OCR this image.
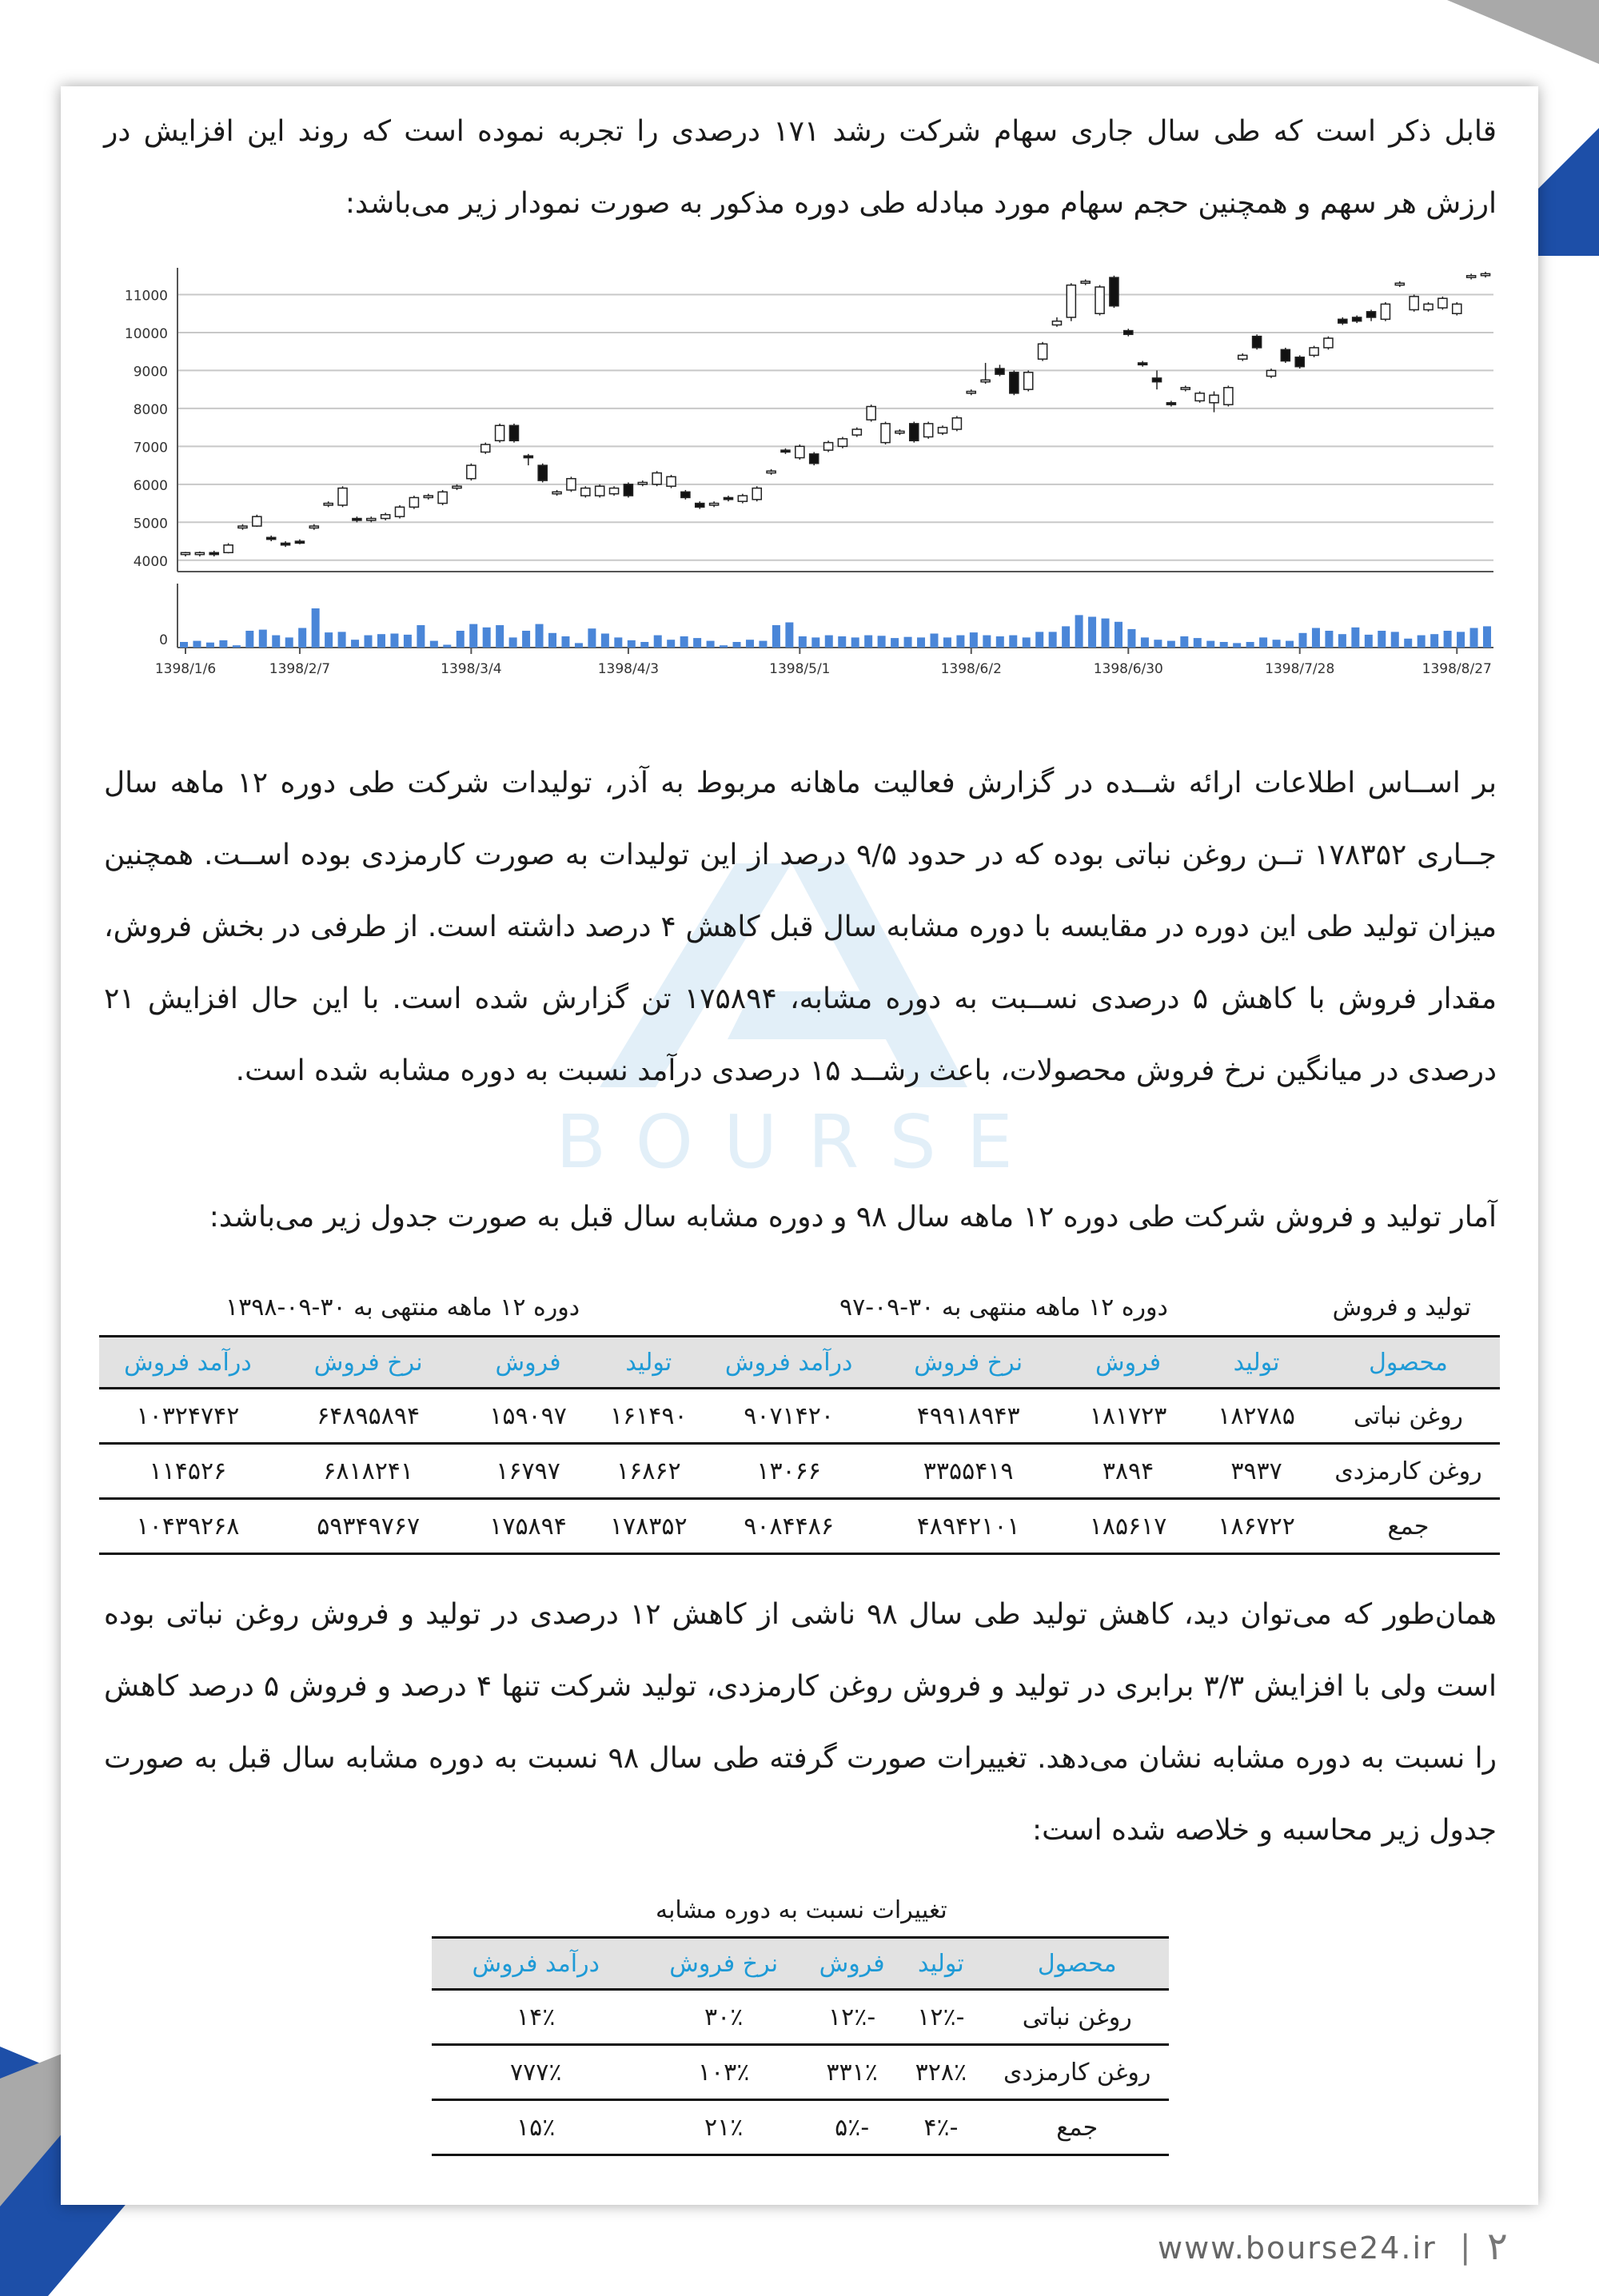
BOURSE

قابل ذکر است که طی سال جاری سهام شرکت رشد ۱۷۱ درصدی را تجربه نموده است که روند این افزایش در ارزش هر سهم و همچنین حجم سهام مورد مبادله طی دوره مذکور به صورت نمودار زیر می‌باشد:

11000
10000
9000
8000
7000
6000
5000
4000
0
1398/1/6	1398/2/7	1398/3/4	1398/4/3	1398/5/1	1398/6/2	1398/6/30	1398/7/28	1398/8/27

بر اســاس اطلاعات ارائه شــده در گزارش فعالیت ماهانه مربوط به آذر، تولیدات شرکت طی دوره ۱۲ ماهه سال جــاری ۱۷۸۳۵۲ تــن روغن نباتی بوده که در حدود ۹/۵ درصد از این تولیدات به صورت کارمزدی بوده اســت. همچنین میزان تولید طی این دوره در مقایسه با دوره مشابه سال قبل کاهش ۴ درصد داشته است. از طرفی در بخش فروش، مقدار فروش با کاهش ۵ درصدی نســبت به دوره مشابه، ۱۷۵۸۹۴ تن گزارش شده است. با این حال افزایش ۲۱ درصدی در میانگین نرخ فروش محصولات، باعث رشــد ۱۵ درصدی درآمد نسبت به دوره مشابه شده است.

آمار تولید و فروش شرکت طی دوره ۱۲ ماهه سال ۹۸ و دوره مشابه سال قبل به صورت جدول زیر می‌باشد:

تولید و فروش
دوره ۱۲ ماهه منتهی به ۳۰-۰۹-۹۷
دوره ۱۲ ماهه منتهی به ۳۰-۰۹-۱۳۹۸
محصول	تولید	فروش	نرخ فروش	درآمد فروش	تولید	فروش	نرخ فروش	درآمد فروش
روغن نباتی	۱۸۲۷۸۵	۱۸۱۷۲۳	۴۹۹۱۸۹۴۳	۹۰۷۱۴۲۰	۱۶۱۴۹۰	۱۵۹۰۹۷	۶۴۸۹۵۸۹۴	۱۰۳۲۴۷۴۲
روغن کارمزدی	۳۹۳۷	۳۸۹۴	۳۳۵۵۴۱۹	۱۳۰۶۶	۱۶۸۶۲	۱۶۷۹۷	۶۸۱۸۲۴۱	۱۱۴۵۲۶
جمع	۱۸۶۷۲۲	۱۸۵۶۱۷	۴۸۹۴۲۱۰۱	۹۰۸۴۴۸۶	۱۷۸۳۵۲	۱۷۵۸۹۴	۵۹۳۴۹۷۶۷	۱۰۴۳۹۲۶۸

همان‌طور که می‌توان دید، کاهش تولید طی سال ۹۸ ناشی از کاهش ۱۲ درصدی در تولید و فروش روغن نباتی بوده است ولی با افزایش ۳/۳ برابری در تولید و فروش روغن کارمزدی، تولید شرکت تنها ۴ درصد و فروش ۵ درصد کاهش را نسبت به دوره مشابه نشان می‌دهد. تغییرات صورت گرفته طی سال ۹۸ نسبت به دوره مشابه سال قبل به صورت جدول زیر محاسبه و خلاصه شده است:

تغییرات نسبت به دوره مشابه
محصول	تولید	فروش	نرخ فروش	درآمد فروش
روغن نباتی	-۱۲٪	-۱۲٪	۳۰٪	۱۴٪
روغن کارمزدی	۳۲۸٪	۳۳۱٪	۱۰۳٪	۷۷۷٪
جمع	-۴٪	-۵٪	۲۱٪	۱۵٪
www.bourse24.ir | ۲
